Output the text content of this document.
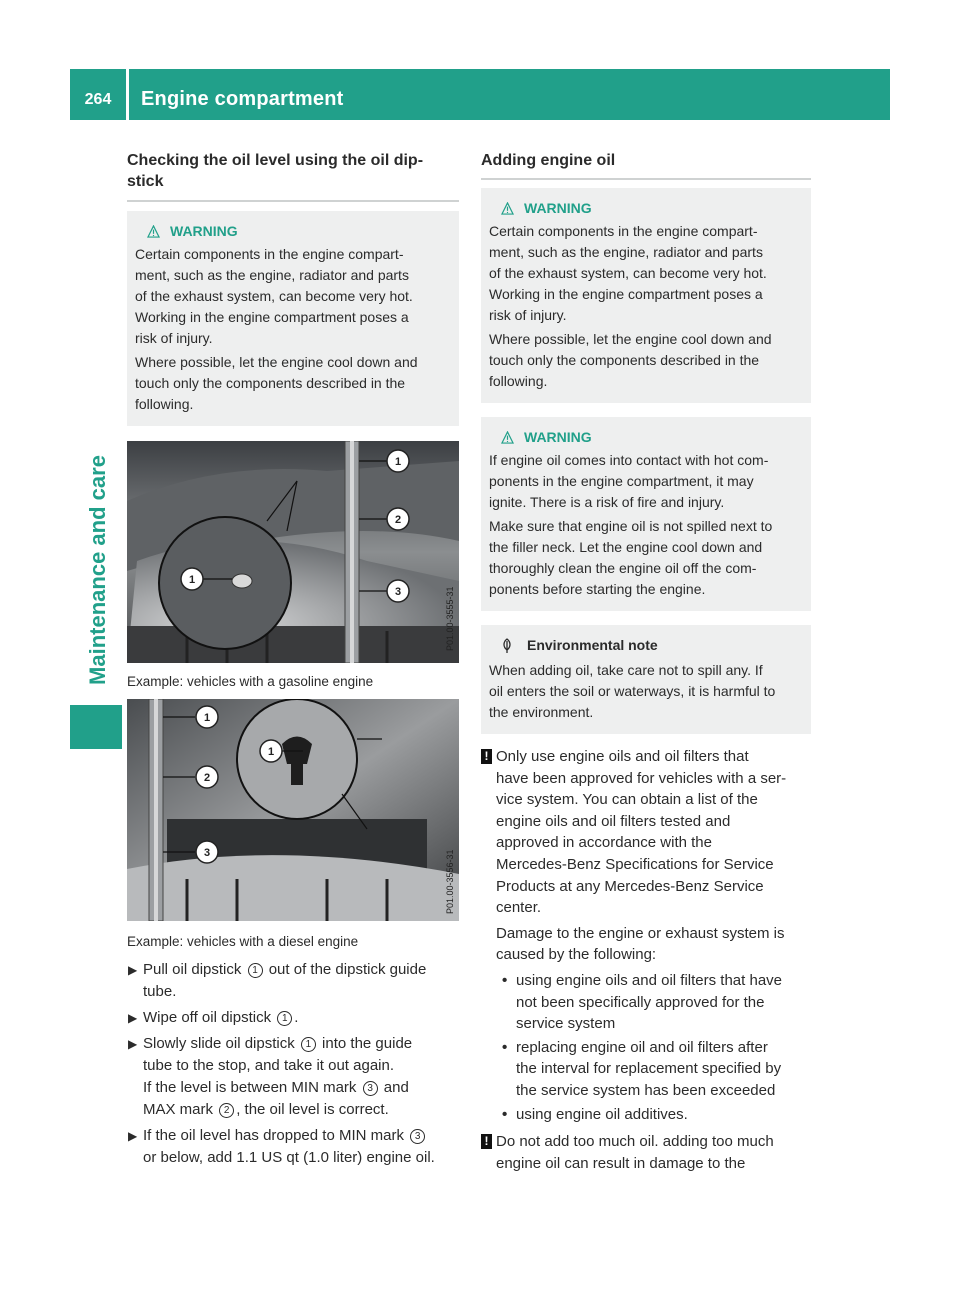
264	Engine compartment
Maintenance and care
Checking the oil level using the oil dip-
stick
WARNING

Certain components in the engine compart-
ment, such as the engine, radiator and parts
of the exhaust system, can become very hot.
Working in the engine compartment poses a
risk of injury.

Where possible, let the engine cool down and
touch only the components described in the
following.

1
2
3
1
P01.00-3555-31
Example: vehicles with a gasoline engine
1
2
3
1
P01.00-3556-31
Example: vehicles with a diesel engine
▶ Pull oil dipstick 1 out of the dipstick guide
tube.
▶ Wipe off oil dipstick 1 .
▶ Slowly slide oil dipstick 1 into the guide
tube to the stop, and take it out again.
If the level is between MIN mark 3 and
MAX mark 2 , the oil level is correct.
▶ If the oil level has dropped to MIN mark 3
or below, add 1.1 US qt (1.0 liter) engine oil.
Adding engine oil
WARNING

Certain components in the engine compart-
ment, such as the engine, radiator and parts
of the exhaust system, can become very hot.
Working in the engine compartment poses a
risk of injury.

Where possible, let the engine cool down and
touch only the components described in the
following.

WARNING

If engine oil comes into contact with hot com-
ponents in the engine compartment, it may
ignite. There is a risk of fire and injury.

Make sure that engine oil is not spilled next to
the filler neck. Let the engine cool down and
thoroughly clean the engine oil off the com-
ponents before starting the engine.

Environmental note

When adding oil, take care not to spill any. If
oil enters the soil or waterways, it is harmful to
the environment.

! Only use engine oils and oil filters that
have been approved for vehicles with a ser-
vice system. You can obtain a list of the
engine oils and oil filters tested and
approved in accordance with the
Mercedes-Benz Specifications for Service
Products at any Mercedes-Benz Service
center.

Damage to the engine or exhaust system is
caused by the following:

• using engine oils and oil filters that have
not been specifically approved for the
service system
• replacing engine oil and oil filters after
the interval for replacement specified by
the service system has been exceeded
• using engine oil additives.
! Do not add too much oil. adding too much
engine oil can result in damage to the
